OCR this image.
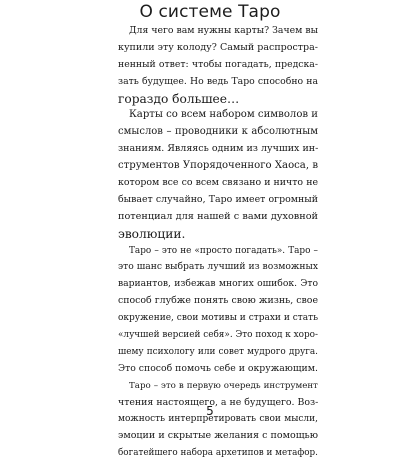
О системе Таро
Для чего вам нужны карты? Зачем вы
купили эту колоду? Самый распростра-
ненный ответ: чтобы погадать, предска-
зать будущее. Но ведь Таро способно на
гораздо большее…
Карты со всем набором символов и
смыслов – проводники к абсолютным
знаниям. Являясь одним из лучших ин-
струментов Упорядоченного Хаоса, в
котором все со всем связано и ничто не
бывает случайно, Таро имеет огромный
потенциал для нашей с вами духовной
эволюции.
Таро – это не «просто погадать». Таро –
это шанс выбрать лучший из возможных
вариантов, избежав многих ошибок. Это
способ глубже понять свою жизнь, свое
окружение, свои мотивы и страхи и стать
«лучшей версией себя». Это поход к хоро-
шему психологу или совет мудрого друга.
Это способ помочь себе и окружающим.
Таро – это в первую очередь инструмент
чтения настоящего, а не будущего. Воз-
можность интерпретировать свои мысли,
эмоции и скрытые желания с помощью
богатейшего набора архетипов и метафор.
5
